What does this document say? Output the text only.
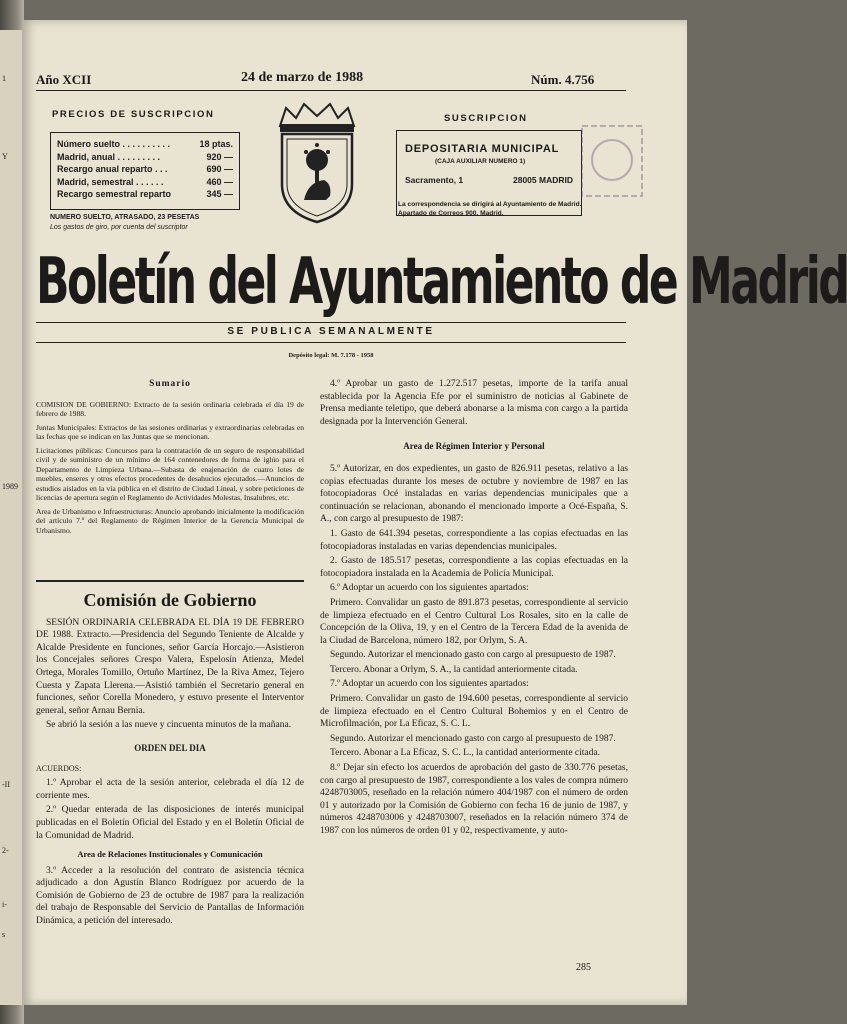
1
Y
1989
-II
2-
i-
s
Año XCII	24 de marzo de 1988	Núm. 4.756
PRECIOS DE SUSCRIPCION
Número suelto . . . . . . . . . .	18 ptas.
Madrid, anual . . . . . . . . .	920 —
Recargo anual reparto . . .	690 —
Madrid, semestral . . . . . .	460 —
Recargo semestral reparto	345 —
NUMERO SUELTO, ATRASADO, 23 PESETAS
Los gastos de giro, por cuenta del suscriptor
SUSCRIPCION
DEPOSITARIA MUNICIPAL
(CAJA AUXILIAR NUMERO 1)
Sacramento, 1	28005 MADRID
La correspondencia se dirigirá al Ayuntamiento de Madrid. Apartado de Correos 900. Madrid.
Boletín del Ayuntamiento de Madrid
SE PUBLICA SEMANALMENTE
Depósito legal: M. 7.178 - 1958
Sumario

COMISION DE GOBIERNO: Extracto de la sesión ordinaria celebrada el día 19 de febrero de 1988.

Juntas Municipales: Extractos de las sesiones ordinarias y extraordinarias celebradas en las fechas que se indican en las Juntas que se mencionan.

Licitaciones públicas: Concursos para la contratación de un seguro de responsabilidad civil y de suministro de un mínimo de 164 contenedores de forma de iglúo para el Departamento de Limpieza Urbana.—Subasta de enajenación de cuatro lotes de muebles, enseres y otros efectos procedentes de desahucios ejecutados.—Anuncios de estudios aislados en la vía pública en el distrito de Ciudad Lineal, y sobre peticiones de licencias de apertura según el Reglamento de Actividades Molestas, Insalubres, etc.

Area de Urbanismo e Infraestructuras: Anuncio aprobando inicialmente la modificación del artículo 7.º del Reglamento de Régimen Interior de la Gerencia Municipal de Urbanismo.

Comisión de Gobierno

SESIÓN ORDINARIA CELEBRADA EL DÍA 19 DE FEBRERO DE 1988. Extracto.—Presidencia del Segundo Teniente de Alcalde y Alcalde Presidente en funciones, señor García Horcajo.—Asistieron los Concejales señores Crespo Valera, Espelosín Atienza, Medel Ortega, Morales Tomillo, Ortuño Martínez, De la Riva Amez, Tejero Cuesta y Zapata Llerena.—Asistió también el Secretario general en funciones, señor Corella Monedero, y estuvo presente el Interventor general, señor Arnau Bernia.

Se abrió la sesión a las nueve y cincuenta minutos de la mañana.

ORDEN DEL DIA

ACUERDOS:

1.º Aprobar el acta de la sesión anterior, celebrada el día 12 de corriente mes.

2.º Quedar enterada de las disposiciones de interés municipal publicadas en el Boletín Oficial del Estado y en el Boletín Oficial de la Comunidad de Madrid.

Area de Relaciones Institucionales y Comunicación

3.º Acceder a la resolución del contrato de asistencia técnica adjudicado a don Agustín Blanco Rodríguez por acuerdo de la Comisión de Gobierno de 23 de octubre de 1987 para la realización del trabajo de Responsable del Servicio de Pantallas de Información Dinámica, a petición del interesado.

4.º Aprobar un gasto de 1.272.517 pesetas, importe de la tarifa anual establecida por la Agencia Efe por el suministro de noticias al Gabinete de Prensa mediante teletipo, que deberá abonarse a la misma con cargo a la partida designada por la Intervención General.

Area de Régimen Interior y Personal

5.º Autorizar, en dos expedientes, un gasto de 826.911 pesetas, relativo a las copias efectuadas durante los meses de octubre y noviembre de 1987 en las fotocopiadoras Océ instaladas en varias dependencias municipales que a continuación se relacionan, abonando el mencionado importe a Océ-España, S. A., con cargo al presupuesto de 1987:

1. Gasto de 641.394 pesetas, correspondiente a las copias efectuadas en las fotocopiadoras instaladas en varias dependencias municipales.

2. Gasto de 185.517 pesetas, correspondiente a las copias efectuadas en la fotocopiadora instalada en la Academia de Policía Municipal.

6.º Adoptar un acuerdo con los siguientes apartados:

Primero. Convalidar un gasto de 891.873 pesetas, correspondiente al servicio de limpieza efectuado en el Centro Cultural Los Rosales, sito en la calle de Concepción de la Oliva, 19, y en el Centro de la Tercera Edad de la avenida de la Ciudad de Barcelona, número 182, por Orlym, S. A.

Segundo. Autorizar el mencionado gasto con cargo al presupuesto de 1987.

Tercero. Abonar a Orlym, S. A., la cantidad anteriormente citada.

7.º Adoptar un acuerdo con los siguientes apartados:

Primero. Convalidar un gasto de 194.600 pesetas, correspondiente al servicio de limpieza efectuado en el Centro Cultural Bohemios y en el Centro de Microfilmación, por La Eficaz, S. C. L.

Segundo. Autorizar el mencionado gasto con cargo al presupuesto de 1987.

Tercero. Abonar a La Eficaz, S. C. L., la cantidad anteriormente citada.

8.º Dejar sin efecto los acuerdos de aprobación del gasto de 330.776 pesetas, con cargo al presupuesto de 1987, correspondiente a los vales de compra número 4248703005, reseñado en la relación número 404/1987 con el número de orden 01 y autorizado por la Comisión de Gobierno con fecha 16 de junio de 1987, y números 4248703006 y 4248703007, reseñados en la relación número 374 de 1987 con los números de orden 01 y 02, respectivamente, y auto-

285
